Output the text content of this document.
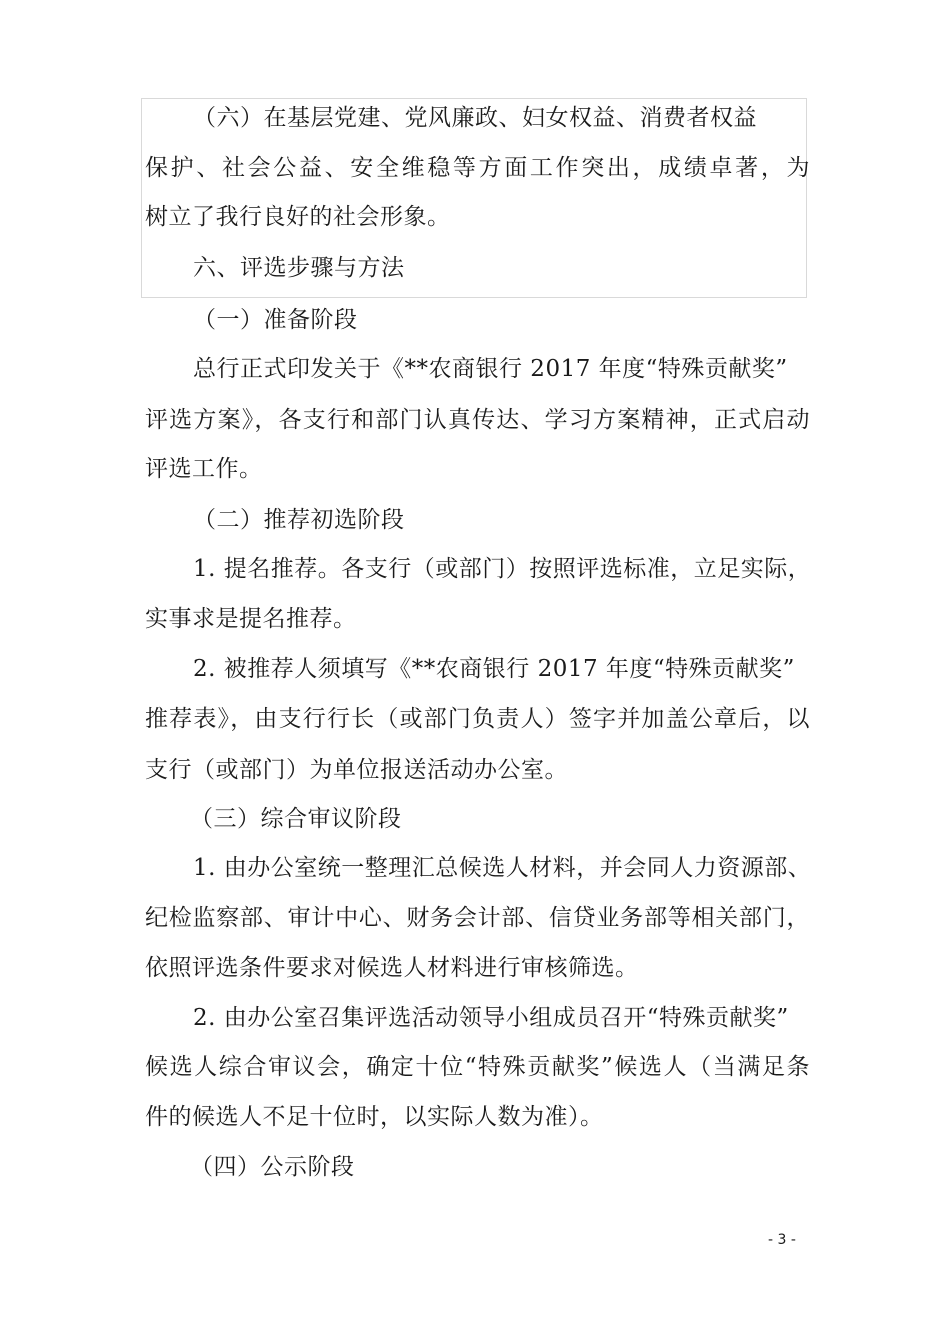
（六）在基层党建、党风廉政、妇女权益、消费者权益
保护、社会公益、安全维稳等方面工作突出，成绩卓著，为
树立了我行良好的社会形象。
六、评选步骤与方法
（一）准备阶段
总行正式印发关于《**农商银行 2017 年度“特殊贡献奖”
评选方案》，各支行和部门认真传达、学习方案精神，正式启动
评选工作。
（二）推荐初选阶段
1. 提名推荐。各支行（或部门）按照评选标准，立足实际，
实事求是提名推荐。
2. 被推荐人须填写《**农商银行 2017 年度“特殊贡献奖”
推荐表》，由支行行长（或部门负责人）签字并加盖公章后，以
支行（或部门）为单位报送活动办公室。
（三）综合审议阶段
1. 由办公室统一整理汇总候选人材料，并会同人力资源部、
纪检监察部、审计中心、财务会计部、信贷业务部等相关部门，
依照评选条件要求对候选人材料进行审核筛选。
2. 由办公室召集评选活动领导小组成员召开“特殊贡献奖”
候选人综合审议会，确定十位“特殊贡献奖”候选人（当满足条
件的候选人不足十位时，以实际人数为准）。
（四）公示阶段
- 3 -
